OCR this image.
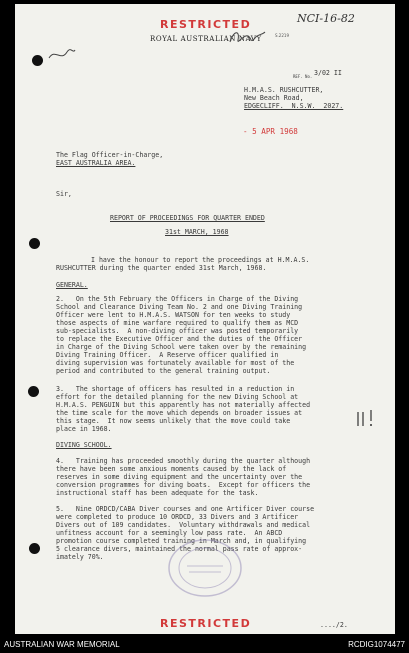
RESTRICTED
ROYAL AUSTRALIAN NAVY
NCI-16-82
S.2219
REF. No. 3/02 II
H.M.A.S. RUSHCUTTER,
New Beach Road,
EDGECLIFF.  N.S.W.  2027.
- 5 APR 1968
The Flag Officer-in-Charge,
EAST AUSTRALIA AREA.
Sir,
REPORT OF PROCEEDINGS FOR QUARTER ENDED
31st MARCH, 1968
I have the honour to report the proceedings at H.M.A.S.
RUSHCUTTER during the quarter ended 31st March, 1968.
GENERAL.
2.   On the 5th February the Officers in Charge of the Diving
School and Clearance Diving Team No. 2 and one Diving Training
Officer were lent to H.M.A.S. WATSON for ten weeks to study
those aspects of mine warfare required to qualify them as MCD
sub-specialists.  A non-diving officer was posted temporarily
to replace the Executive Officer and the duties of the Officer
in Charge of the Diving School were taken over by the remaining
Diving Training Officer.  A Reserve officer qualified in
diving supervision was fortunately available for most of the
period and contributed to the general training output.
3.   The shortage of officers has resulted in a reduction in
effort for the detailed planning for the new Diving School at
H.M.A.S. PENGUIN but this apparently has not materially affected
the time scale for the move which depends on broader issues at
this stage.  It now seems unlikely that the move could take
place in 1968.
DIVING SCHOOL.
4.   Training has proceeded smoothly during the quarter although
there have been some anxious moments caused by the lack of
reserves in some diving equipment and the uncertainty over the
conversion programmes for diving boats.  Except for officers the
instructional staff has been adequate for the task.
5.   Nine ORDCD/CABA Diver courses and one Artificer Diver course
were completed to produce 10 ORDCD, 33 Divers and 3 Artificer
Divers out of 109 candidates.  Voluntary withdrawals and medical
unfitness account for a seemingly low pass rate.  An ABCD
promotion course completed training in March and, in qualifying
5 clearance divers, maintained the normal pass rate of approx-
imately 70%.
..../2.
RESTRICTED
AUSTRALIAN WAR MEMORIAL	RCDIG1074477
